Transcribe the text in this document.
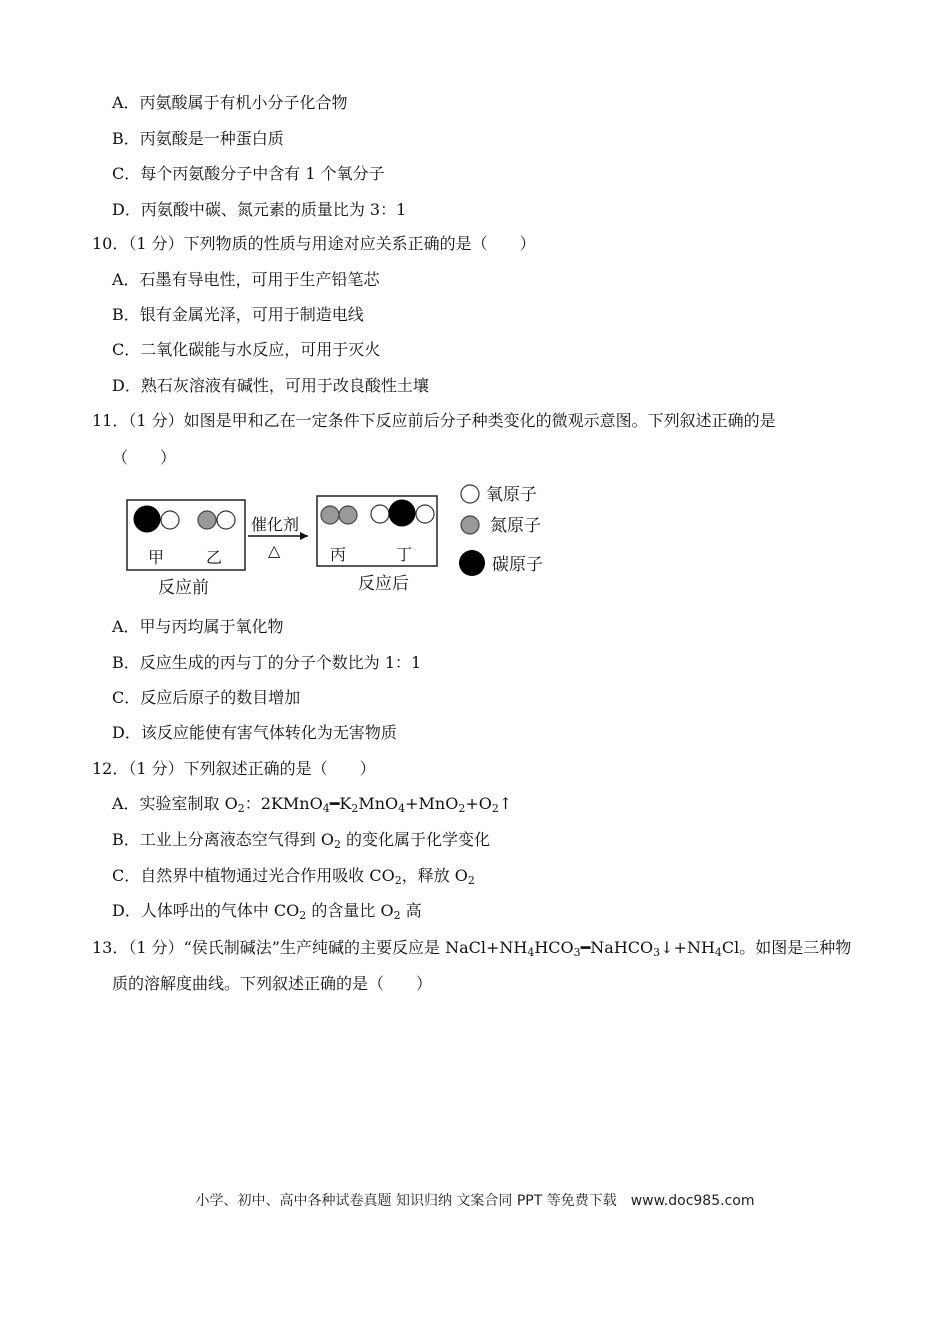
A．丙氨酸属于有机小分子化合物
B．丙氨酸是一种蛋白质
C．每个丙氨酸分子中含有 1 个氧分子
D．丙氨酸中碳、氮元素的质量比为 3：1
10．（1 分）下列物质的性质与用途对应关系正确的是（　　）
A．石墨有导电性，可用于生产铅笔芯
B．银有金属光泽，可用于制造电线
C．二氧化碳能与水反应，可用于灭火
D．熟石灰溶液有碱性，可用于改良酸性土壤
11．（1 分）如图是甲和乙在一定条件下反应前后分子种类变化的微观示意图。下列叙述正确的是
（　　）
甲	乙
反应前
催化剂
△	丙	丁
反应后
氧原子
氮原子
碳原子
A．甲与丙均属于氧化物
B．反应生成的丙与丁的分子个数比为 1：1
C．反应后原子的数目增加
D．该反应能使有害气体转化为无害物质
12．（1 分）下列叙述正确的是（　　）
A．实验室制取 $O_2$：$2KMnO_4━K_2MnO_4+MnO_2+O_2↑$
B．工业上分离液态空气得到 $O_2$ 的变化属于化学变化
C．自然界中植物通过光合作用吸收 $CO_2$，释放 $O_2$
D．人体呼出的气体中 $CO_2$ 的含量比 $O_2$ 高
13．（1 分）“侯氏制碱法”生产纯碱的主要反应是 $NaCl+NH_4HCO_3━NaHCO_3↓+NH_4Cl$。如图是三种物
质的溶解度曲线。下列叙述正确的是（　　）
小学、初中、高中各种试卷真题 知识归纳 文案合同 PPT 等免费下载　www.doc985.com
